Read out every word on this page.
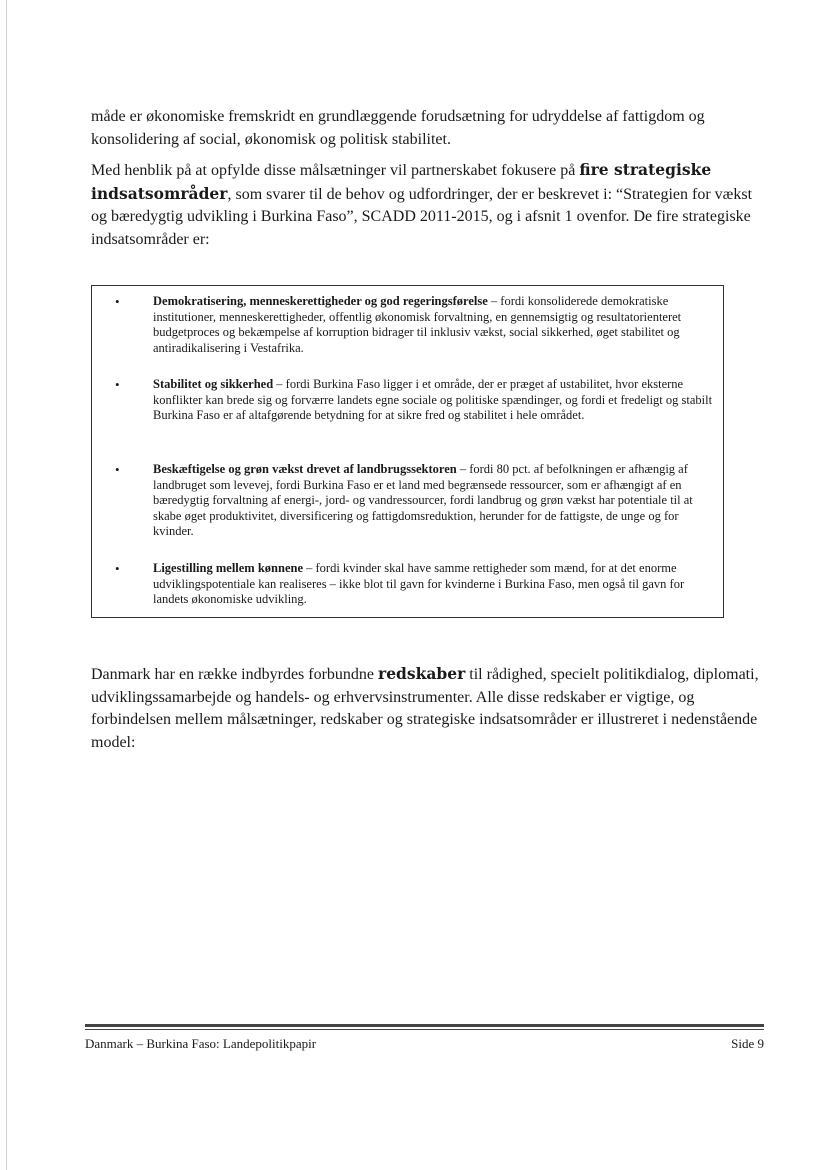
måde er økonomiske fremskridt en grundlæggende forudsætning for udryddelse af fattigdom og konsolidering af social, økonomisk og politisk stabilitet.

Med henblik på at opfylde disse målsætninger vil partnerskabet fokusere på fire strategiske indsatsområder, som svarer til de behov og udfordringer, der er beskrevet i: “Strategien for vækst og bæredygtig udvikling i Burkina Faso”, SCADD 2011-2015, og i afsnit 1 ovenfor. De fire strategiske indsatsområder er:

•	Demokratisering, menneskerettigheder og god regeringsførelse – fordi konsoliderede demokratiske institutioner, menneskerettigheder, offentlig økonomisk forvaltning, en gennemsigtig og resultatorienteret budgetproces og bekæmpelse af korruption bidrager til inklusiv vækst, social sikkerhed, øget stabilitet og antiradikalisering i Vestafrika.
•	Stabilitet og sikkerhed – fordi Burkina Faso ligger i et område, der er præget af ustabilitet, hvor eksterne konflikter kan brede sig og forværre landets egne sociale og politiske spændinger, og fordi et fredeligt og stabilt Burkina Faso er af altafgørende betydning for at sikre fred og stabilitet i hele området.
•	Beskæftigelse og grøn vækst drevet af landbrugssektoren – fordi 80 pct. af befolkningen er afhængig af landbruget som levevej, fordi Burkina Faso er et land med begrænsede ressourcer, som er afhængigt af en bæredygtig forvaltning af energi-, jord- og vandressourcer, fordi landbrug og grøn vækst har potentiale til at skabe øget produktivitet, diversificering og fattigdomsreduktion, herunder for de fattigste, de unge og for kvinder.
•	Ligestilling mellem kønnene – fordi kvinder skal have samme rettigheder som mænd, for at det enorme udviklingspotentiale kan realiseres – ikke blot til gavn for kvinderne i Burkina Faso, men også til gavn for landets økonomiske udvikling.

Danmark har en række indbyrdes forbundne redskaber til rådighed, specielt politikdialog, diplomati, udviklingssamarbejde og handels- og erhvervsinstrumenter. Alle disse redskaber er vigtige, og forbindelsen mellem målsætninger, redskaber og strategiske indsatsområder er illustreret i nedenstående model:

Danmark – Burkina Faso: Landepolitikpapir	Side 9
